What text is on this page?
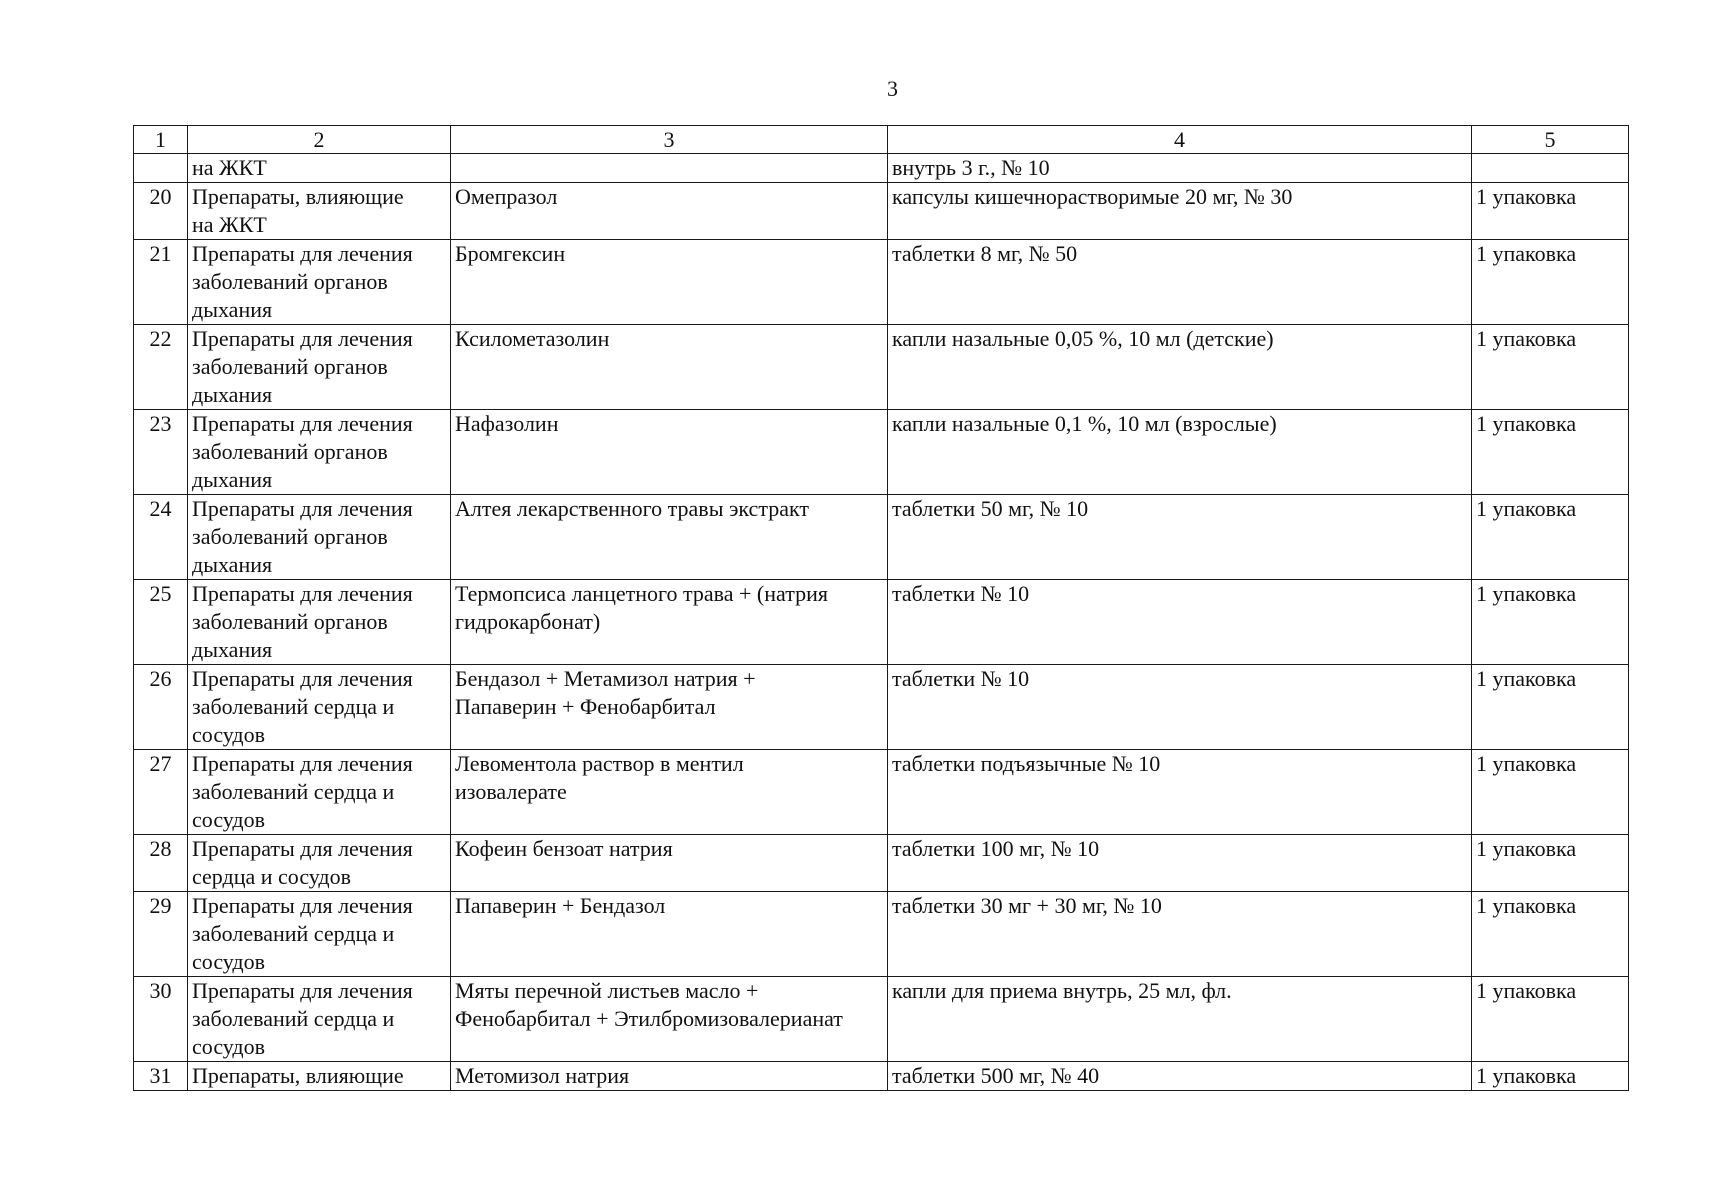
3
1	2	3	4	5

	на ЖКТ		внутрь 3 г., № 10	

20	Препараты, влияющие
на ЖКТ	Омепразол	капсулы кишечнорастворимые 20 мг, № 30	1 упаковка
21	Препараты для лечения
заболеваний органов
дыхания	Бромгексин	таблетки 8 мг, № 50	1 упаковка
22	Препараты для лечения
заболеваний органов
дыхания	Ксилометазолин	капли назальные 0,05 %, 10 мл (детские)	1 упаковка
23	Препараты для лечения
заболеваний органов
дыхания	Нафазолин	капли назальные 0,1 %, 10 мл (взрослые)	1 упаковка
24	Препараты для лечения
заболеваний органов
дыхания	Алтея лекарственного травы экстракт	таблетки 50 мг, № 10	1 упаковка
25	Препараты для лечения
заболеваний органов
дыхания	Термопсиса ланцетного трава + (натрия
гидрокарбонат)	таблетки № 10	1 упаковка
26	Препараты для лечения
заболеваний сердца и
сосудов	Бендазол + Метамизол натрия +
Папаверин + Фенобарбитал	таблетки № 10	1 упаковка
27	Препараты для лечения
заболеваний сердца и
сосудов	Левоментола раствор в ментил
изовалерате	таблетки подъязычные № 10	1 упаковка
28	Препараты для лечения
сердца и сосудов	Кофеин бензоат натрия	таблетки 100 мг, № 10	1 упаковка
29	Препараты для лечения
заболеваний сердца и
сосудов	Папаверин + Бендазол	таблетки 30 мг + 30 мг, № 10	1 упаковка
30	Препараты для лечения
заболеваний сердца и
сосудов	Мяты перечной листьев масло +
Фенобарбитал + Этилбромизовалерианат	капли для приема внутрь, 25 мл, фл.	1 упаковка
31	Препараты, влияющие	Метомизол натрия	таблетки 500 мг, № 40	1 упаковка
